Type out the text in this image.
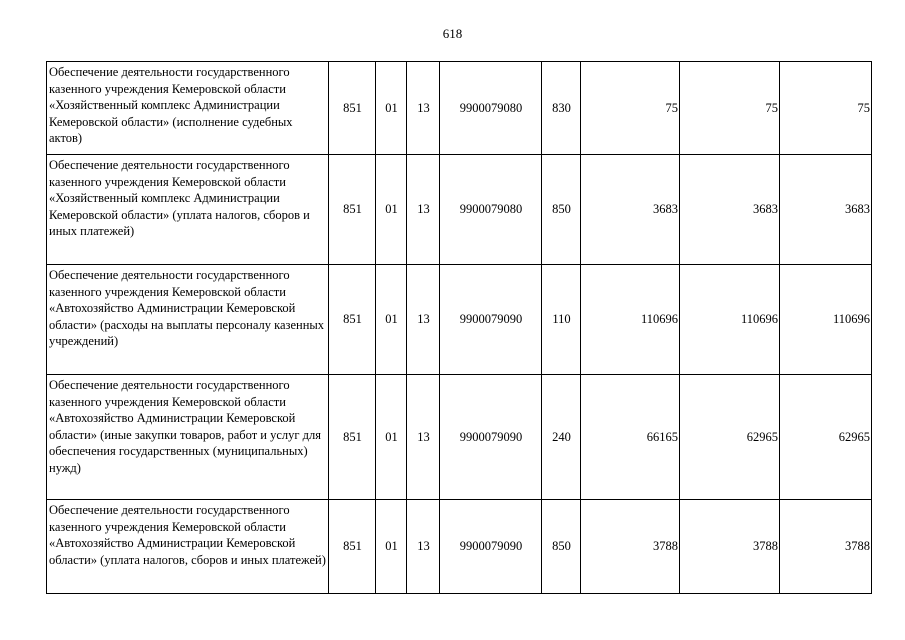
618
Обеспечение деятельности государственного казенного учреждения Кемеровской области «Хозяйственный комплекс Администрации Кемеровской области» (исполнение судебных актов)	851	01	13	9900079080	830	75	75	75
Обеспечение деятельности государственного казенного учреждения Кемеровской области «Хозяйственный комплекс Администрации Кемеровской области» (уплата налогов, сборов и иных платежей)	851	01	13	9900079080	850	3683	3683	3683
Обеспечение деятельности государственного казенного учреждения Кемеровской области «Автохозяйство Администрации Кемеровской области» (расходы на выплаты персоналу казенных учреждений)	851	01	13	9900079090	110	110696	110696	110696
Обеспечение деятельности государственного казенного учреждения Кемеровской области «Автохозяйство Администрации Кемеровской области» (иные закупки товаров, работ и услуг для обеспечения государственных (муниципальных) нужд)	851	01	13	9900079090	240	66165	62965	62965
Обеспечение деятельности государственного казенного учреждения Кемеровской области «Автохозяйство Администрации Кемеровской области» (уплата налогов, сборов и иных платежей)	851	01	13	9900079090	850	3788	3788	3788
